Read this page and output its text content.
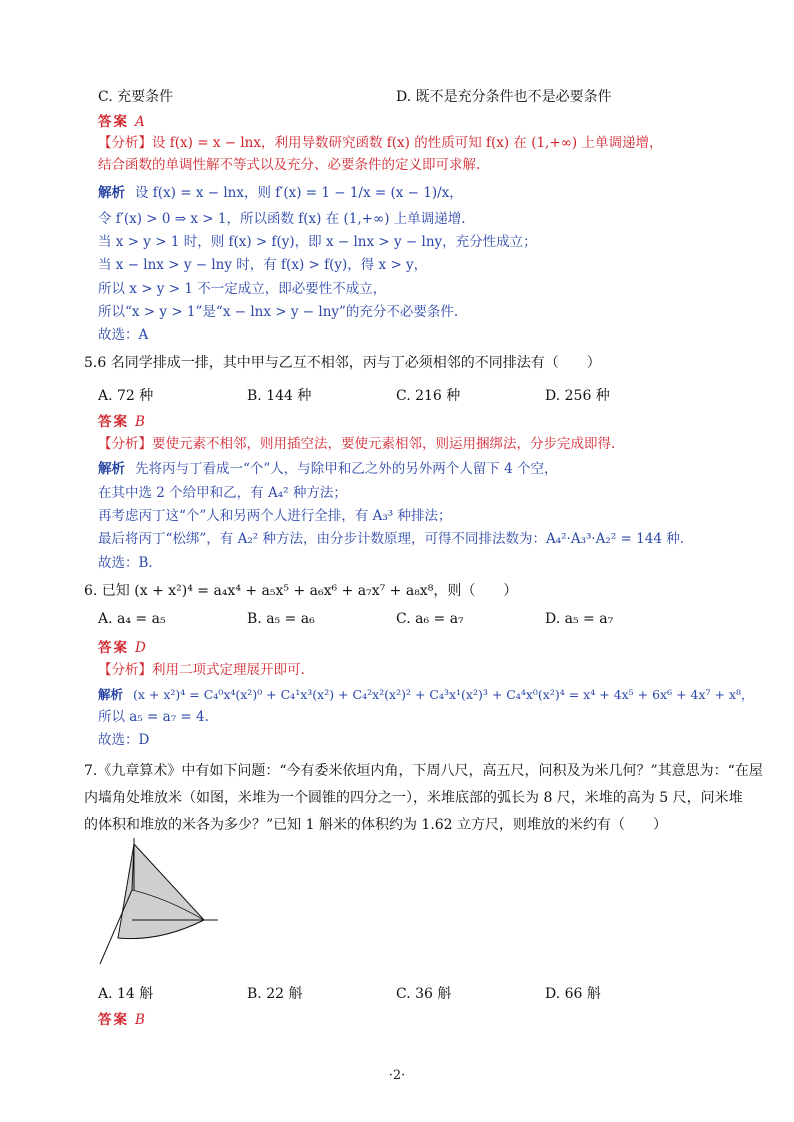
C. 充要条件	D. 既不是充分条件也不是必要条件
答案 A
【分析】设 f(x) = x − lnx，利用导数研究函数 f(x) 的性质可知 f(x) 在 (1,+∞) 上单调递增，
结合函数的单调性解不等式以及充分、必要条件的定义即可求解.
解析 设 f(x) = x − lnx，则 f′(x) = 1 − 1/x = (x − 1)/x，
令 f′(x) > 0 ⇒ x > 1，所以函数 f(x) 在 (1,+∞) 上单调递增.
当 x > y > 1 时，则 f(x) > f(y)，即 x − lnx > y − lny，充分性成立；
当 x − lnx > y − lny 时，有 f(x) > f(y)，得 x > y，
所以 x > y > 1 不一定成立，即必要性不成立，
所以“x > y > 1”是“x − lnx > y − lny”的充分不必要条件.
故选：A
5.6 名同学排成一排，其中甲与乙互不相邻，丙与丁必须相邻的不同排法有（　　）
A. 72 种	B. 144 种	C. 216 种	D. 256 种
答案 B
【分析】要使元素不相邻，则用插空法，要使元素相邻，则运用捆绑法，分步完成即得.
解析 先将丙与丁看成一“个”人，与除甲和乙之外的另外两个人留下 4 个空，
在其中选 2 个给甲和乙，有 A₄² 种方法；
再考虑丙丁这“个”人和另两个人进行全排，有 A₃³ 种排法；
最后将丙丁“松绑”，有 A₂² 种方法，由分步计数原理，可得不同排法数为：A₄²·A₃³·A₂² = 144 种.
故选：B.
6. 已知 (x + x²)⁴ = a₄x⁴ + a₅x⁵ + a₆x⁶ + a₇x⁷ + a₈x⁸，则（　　）
A. a₄ = a₅	B. a₅ = a₆	C. a₆ = a₇	D. a₅ = a₇
答案 D
【分析】利用二项式定理展开即可.
解析 (x + x²)⁴ = C₄⁰x⁴(x²)⁰ + C₄¹x³(x²) + C₄²x²(x²)² + C₄³x¹(x²)³ + C₄⁴x⁰(x²)⁴ = x⁴ + 4x⁵ + 6x⁶ + 4x⁷ + x⁸，
所以 a₅ = a₇ = 4.
故选：D
7.《九章算术》中有如下问题：“今有委米依垣内角，下周八尺，高五尺，问积及为米几何？”其意思为：“在屋
内墙角处堆放米（如图，米堆为一个圆锥的四分之一），米堆底部的弧长为 8 尺，米堆的高为 5 尺，问米堆
的体积和堆放的米各为多少？”已知 1 斛米的体积约为 1.62 立方尺，则堆放的米约有（　　）
A. 14 斛	B. 22 斛	C. 36 斛	D. 66 斛
答案 B
·2·
